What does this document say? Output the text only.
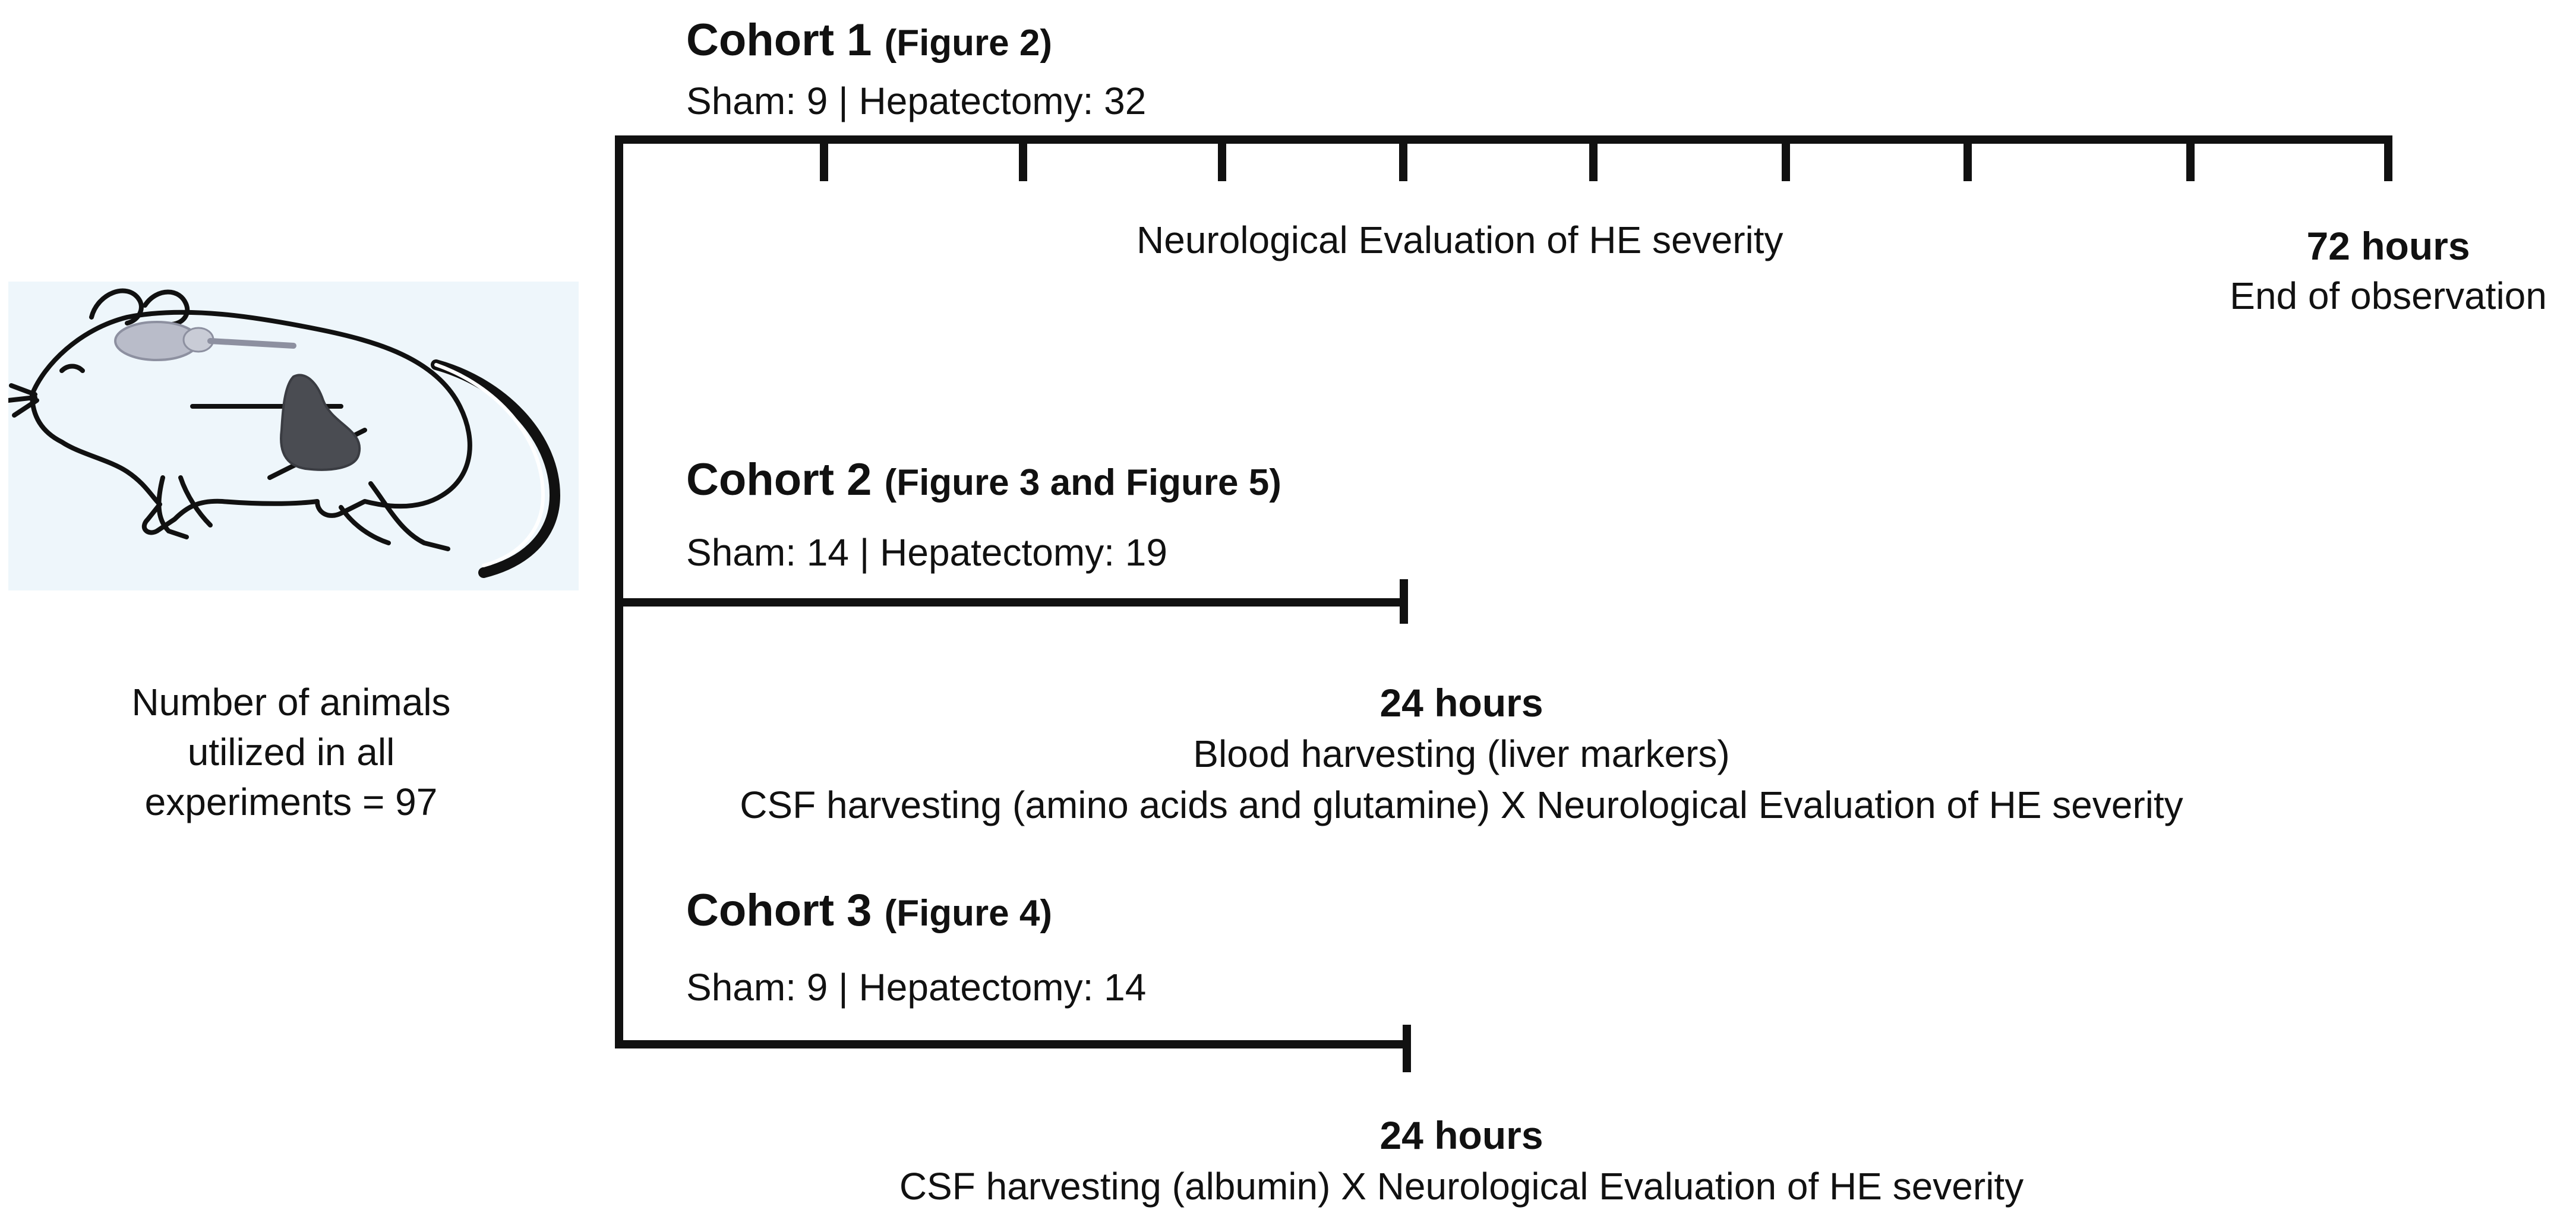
Number of animals
utilized in all
experiments = 97
Cohort 1 (Figure 2)
Sham: 9 | Hepatectomy: 32
Neurological Evaluation of HE severity	72 hours
End of observation
Cohort 2 (Figure 3 and Figure 5)
Sham: 14 | Hepatectomy: 19
24 hours
Blood harvesting (liver markers)
CSF harvesting (amino acids and glutamine) X Neurological Evaluation of HE severity
Cohort 3 (Figure 4)
Sham: 9 | Hepatectomy: 14
24 hours
CSF harvesting (albumin) X Neurological Evaluation of HE severity
